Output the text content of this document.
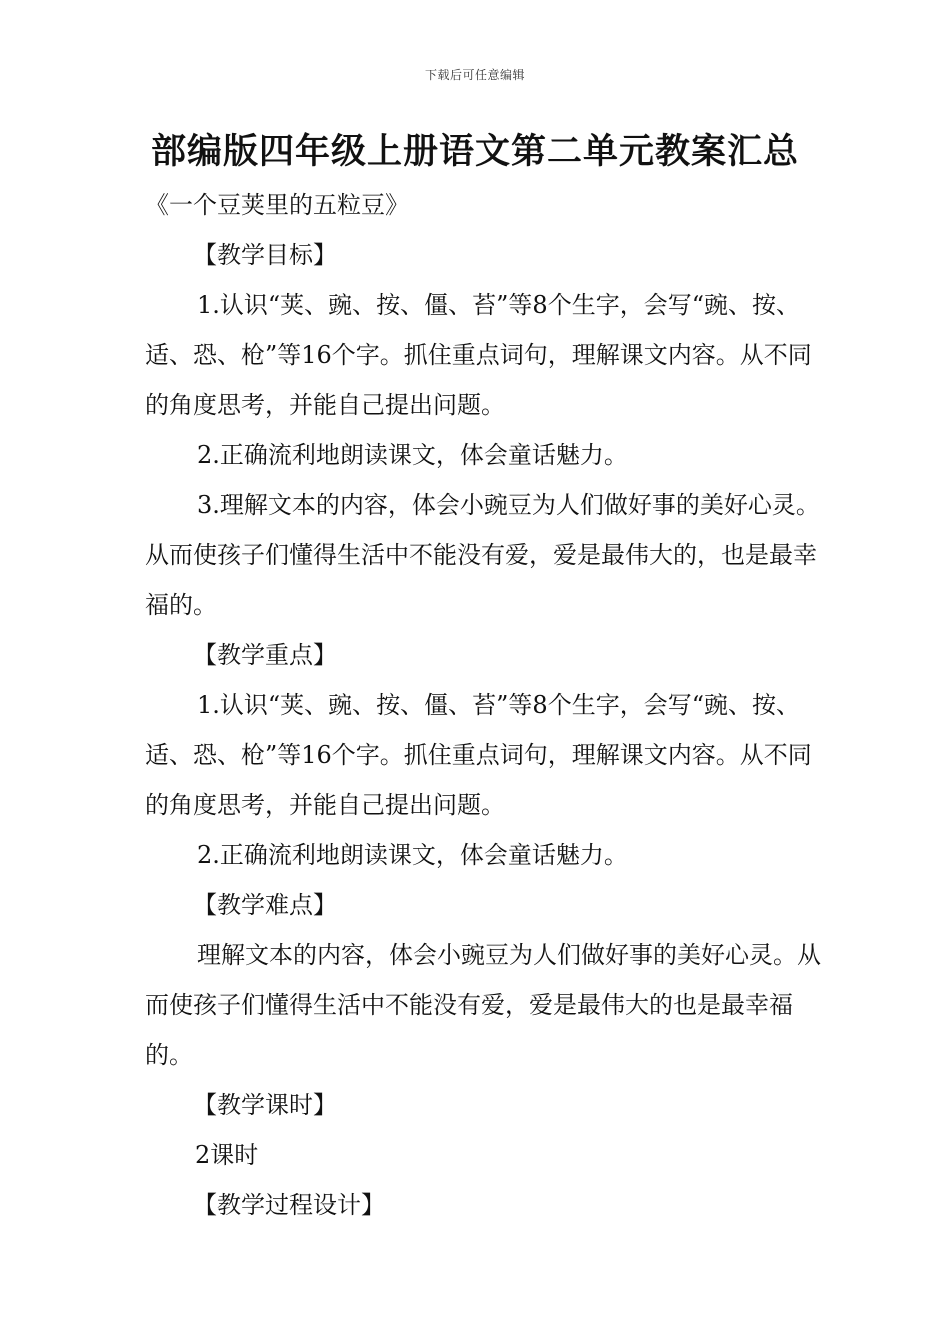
下载后可任意编辑
部编版四年级上册语文第二单元教案汇总

《一个豆荚里的五粒豆》

【教学目标】

1.认识“荚、豌、按、僵、苔”等8个生字，会写“豌、按、适、恐、枪”等16个字。抓住重点词句，理解课文内容。从不同的角度思考，并能自己提出问题。

2.正确流利地朗读课文，体会童话魅力。

3.理解文本的内容，体会小豌豆为人们做好事的美好心灵。从而使孩子们懂得生活中不能没有爱，爱是最伟大的，也是最幸福的。

【教学重点】

1.认识“荚、豌、按、僵、苔”等8个生字，会写“豌、按、适、恐、枪”等16个字。抓住重点词句，理解课文内容。从不同的角度思考，并能自己提出问题。

2.正确流利地朗读课文，体会童话魅力。

【教学难点】

理解文本的内容，体会小豌豆为人们做好事的美好心灵。从而使孩子们懂得生活中不能没有爱，爱是最伟大的也是最幸福的。

【教学课时】

2课时

【教学过程设计】
